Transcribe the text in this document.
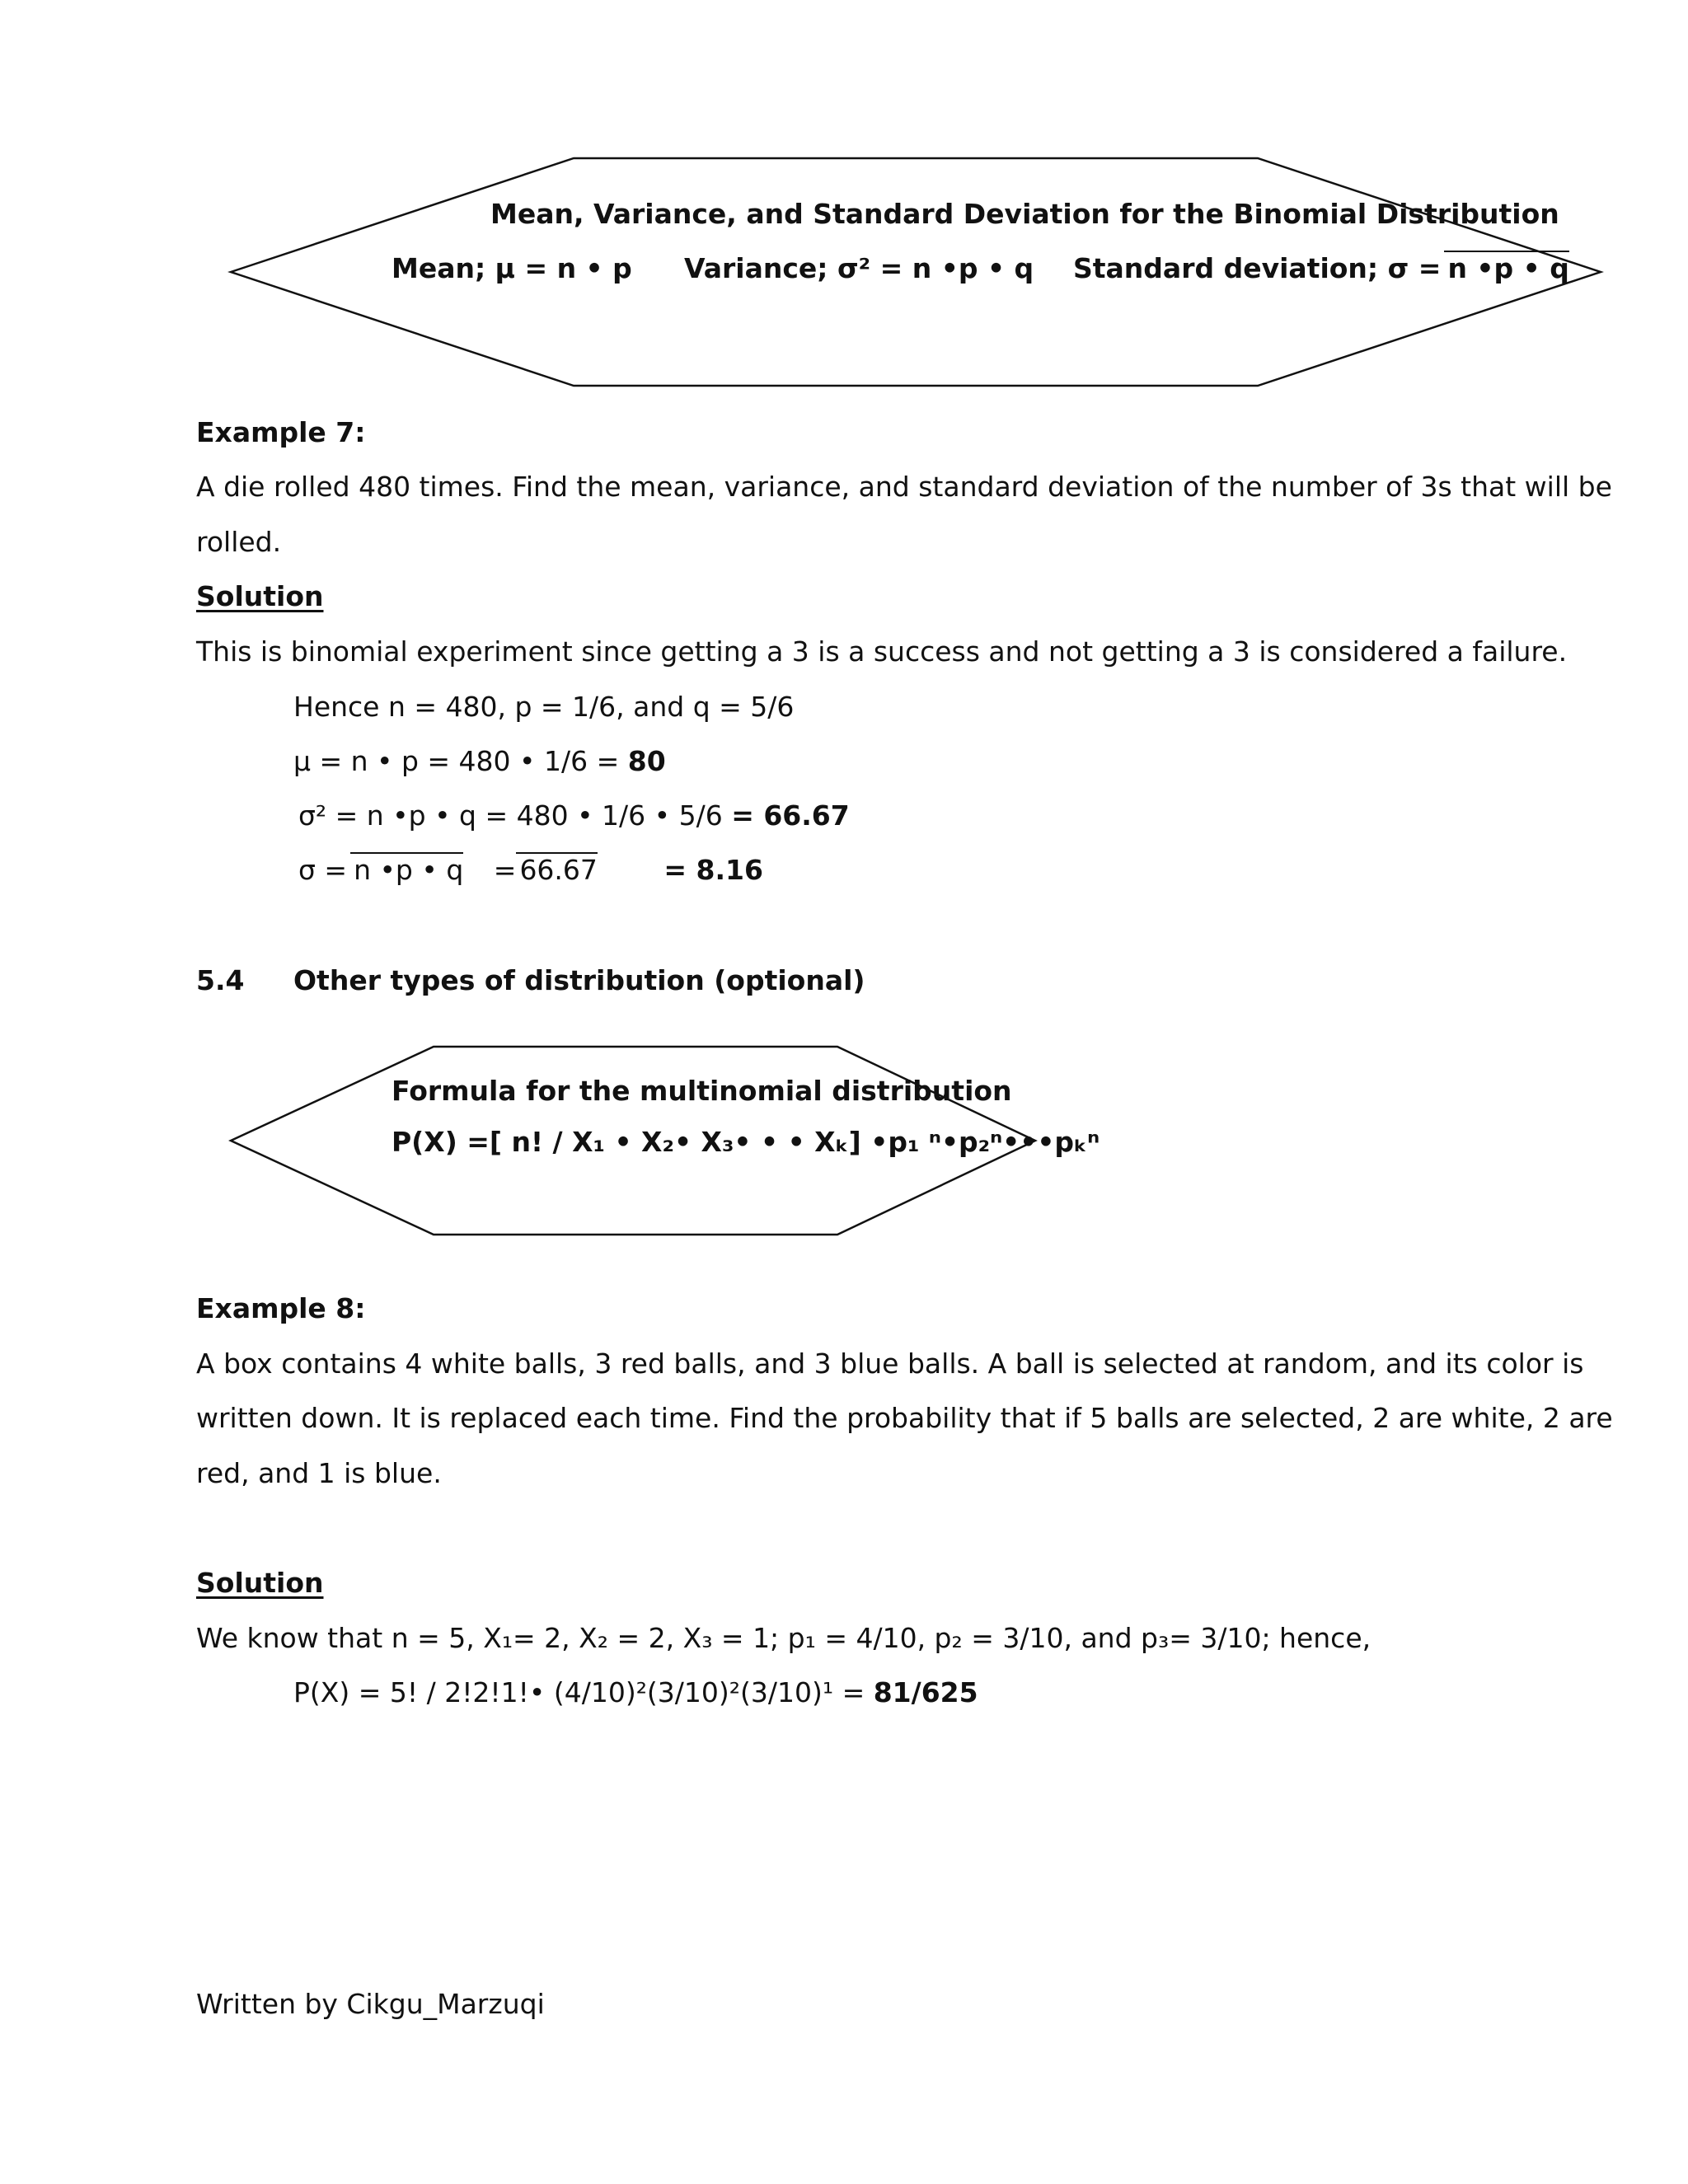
Mean, Variance, and Standard Deviation for the Binomial Distribution
Mean; μ = n • p Variance; σ² = n •p • q Standard deviation; σ = n •p • q
Example 7:
A die rolled 480 times. Find the mean, variance, and standard deviation of the number of 3s that will be
rolled.
Solution
This is binomial experiment since getting a 3 is a success and not getting a 3 is considered a failure.
Hence n = 480, p = 1/6, and q = 5/6
μ = n • p = 480 • 1/6 = 80
σ² = n •p • q = 480 • 1/6 • 5/6 = 66.67
σ = n •p • q = 66.67 = 8.16
5.4 Other types of distribution (optional)
Formula for the multinomial distribution
P(X) =[ n! / X₁ • X₂• X₃• • • Xₖ] •p₁ ⁿ•p₂ⁿ•••pₖⁿ
Example 8:
A box contains 4 white balls, 3 red balls, and 3 blue balls. A ball is selected at random, and its color is
written down. It is replaced each time. Find the probability that if 5 balls are selected, 2 are white, 2 are
red, and 1 is blue.
Solution
We know that n = 5, X₁= 2, X₂ = 2, X₃ = 1; p₁ = 4/10, p₂ = 3/10, and p₃= 3/10; hence,
P(X) = 5! / 2!2!1!• (4/10)²(3/10)²(3/10)¹ = 81/625
Written by Cikgu_Marzuqi
